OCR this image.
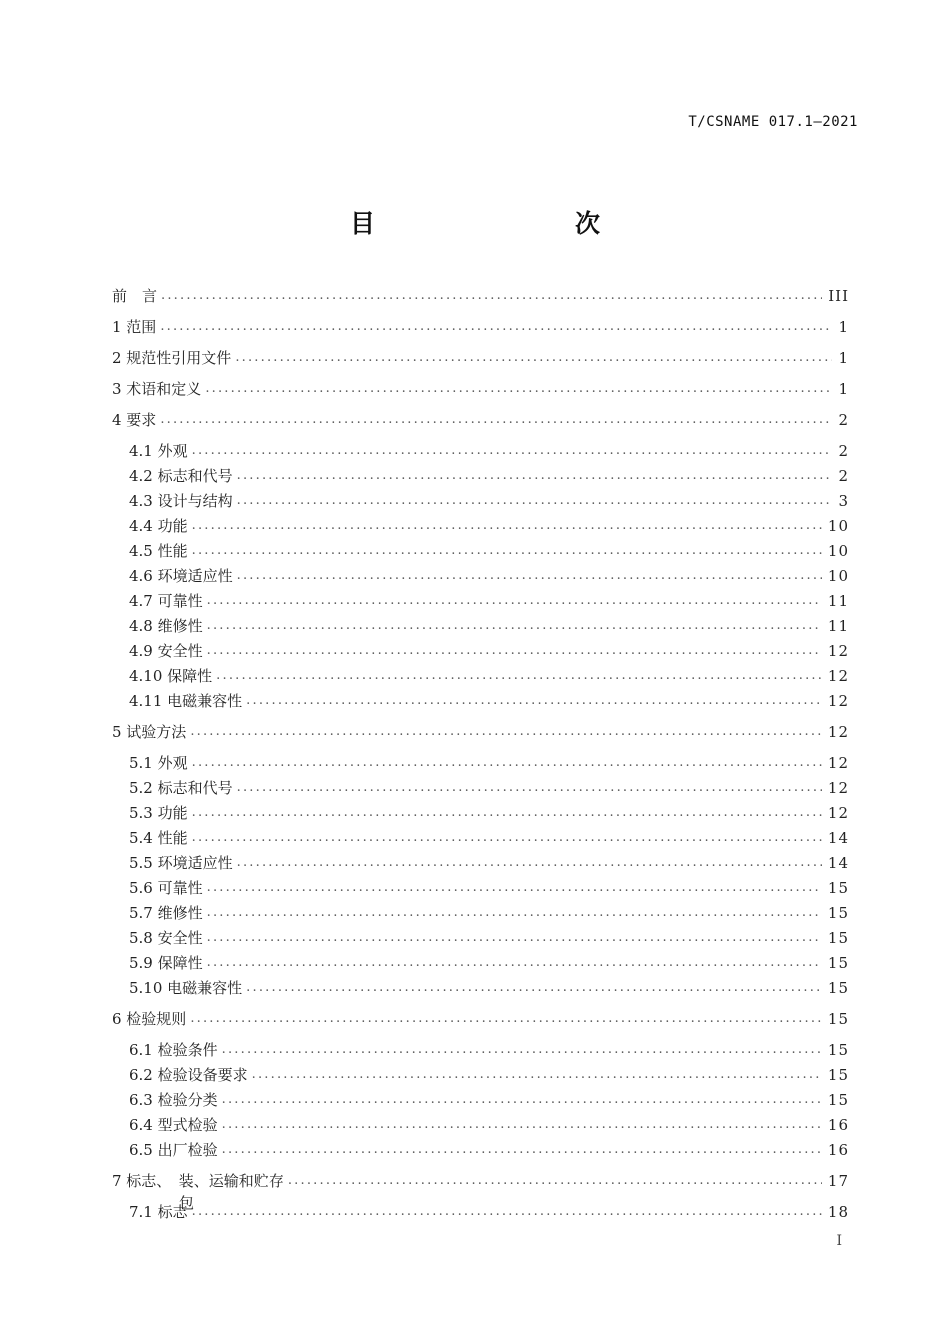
T/CSNAME 017.1—2021
目　　次
前　言 .....	III
1 范围 .....	1
2 规范性引用文件 .....	1
3 术语和定义 .....	1
4 要求 .....	2
4.1 外观 .....	2
4.2 标志和代号 .....	2
4.3 设计与结构 .....	3
4.4 功能 .....	10
4.5 性能 .....	10
4.6 环境适应性 .....	10
4.7 可靠性 .....	11
4.8 维修性 .....	11
4.9 安全性 .....	12
4.10 保障性 .....	12
4.11 电磁兼容性 .....	12
5 试验方法 .....	12
5.1 外观 .....	12
5.2 标志和代号 .....	12
5.3 功能 .....	12
5.4 性能 .....	14
5.5 环境适应性 .....	14
5.6 可靠性 .....	15
5.7 维修性 .....	15
5.8 安全性 .....	15
5.9 保障性 .....	15
5.10 电磁兼容性 .....	15
6 检验规则 .....	15
6.1 检验条件 .....	15
6.2 检验设备要求 .....	15
6.3 检验分类 .....	15
6.4 型式检验 .....	16
6.5 出厂检验 .....	16
7 标志、　装、运输和贮存 .....	17
7.1 标志 .....	18
包
I
